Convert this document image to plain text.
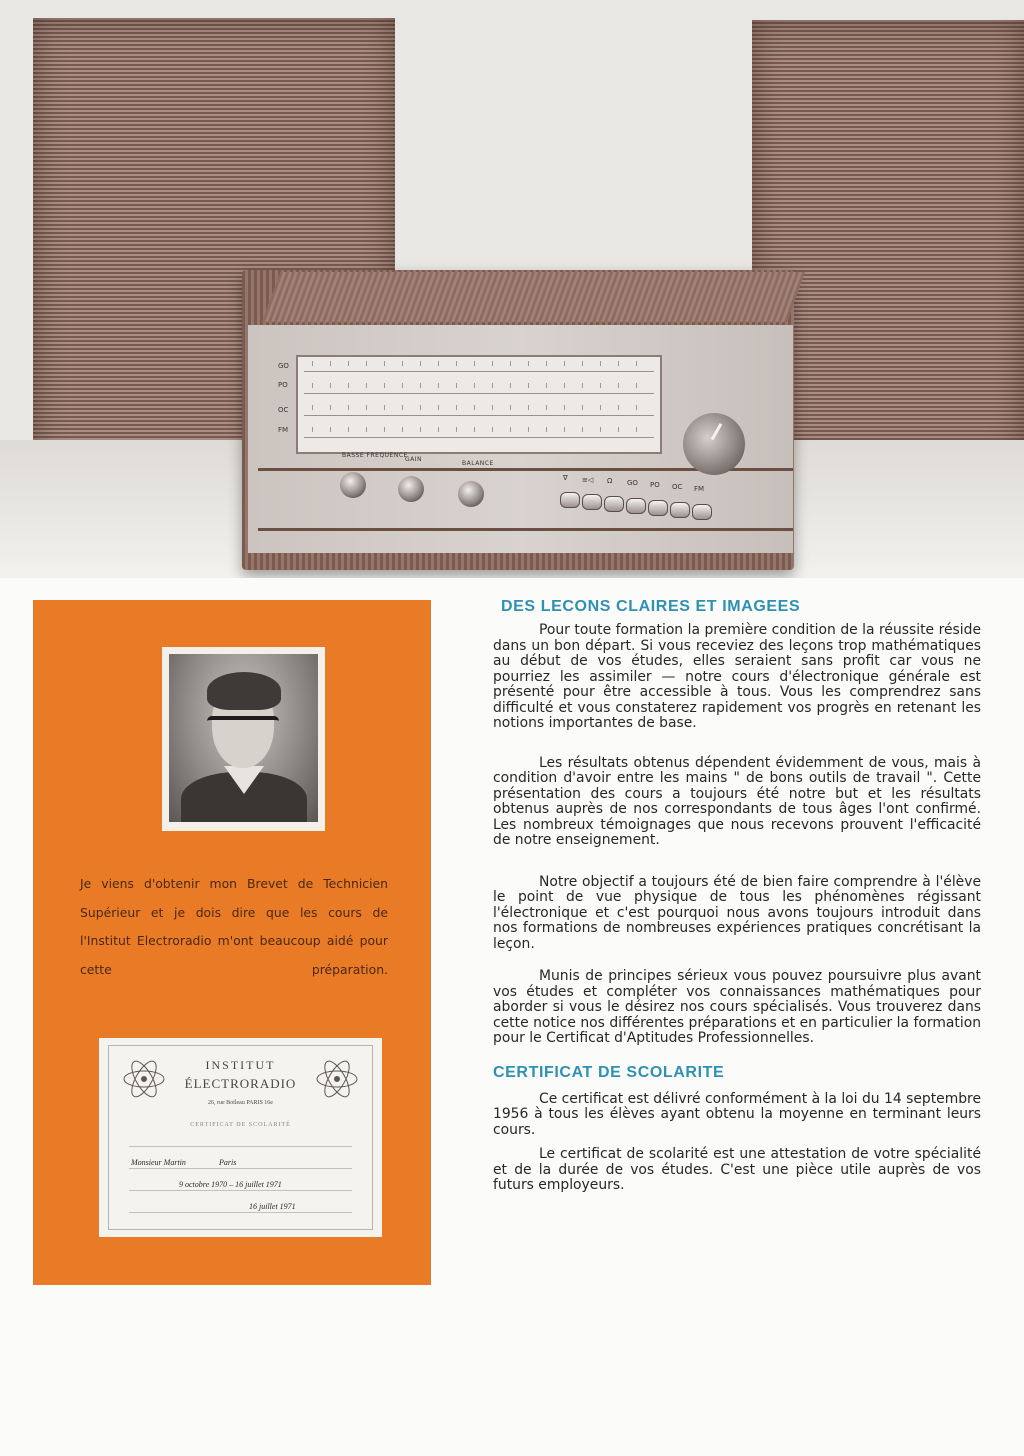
GO
PO
OC
FM
BASSE FREQUENCE
GAIN
BALANCE
∇ ≡◁ Ω GO PO OC FM

Je viens d'obtenir mon Brevet de Technicien Supérieur et je dois dire que les cours de l'Institut Electroradio m'ont beaucoup aidé pour cette préparation.

INSTITUT
ÉLECTRORADIO
26, rue Boileau PARIS 16e
CERTIFICAT DE SCOLARITÉ
Monsieur Martin	Paris
9 octobre 1970 – 16 juillet 1971
16 juillet 1971
DES LECONS CLAIRES ET IMAGEES

Pour toute formation la première condition de la réussite réside dans un bon départ. Si vous receviez des leçons trop mathématiques au début de vos études, elles seraient sans profit car vous ne pourriez les assimiler — notre cours d'électronique générale est présenté pour être accessible à tous. Vous les comprendrez sans difficulté et vous constaterez rapidement vos progrès en retenant les notions importantes de base.

Les résultats obtenus dépendent évidemment de vous, mais à condition d'avoir entre les mains " de bons outils de travail ". Cette présentation des cours a toujours été notre but et les résultats obtenus auprès de nos correspondants de tous âges l'ont confirmé. Les nombreux témoignages que nous recevons prouvent l'efficacité de notre enseignement.

Notre objectif a toujours été de bien faire comprendre à l'élève le point de vue physique de tous les phénomènes régissant l'électronique et c'est pourquoi nous avons toujours introduit dans nos formations de nombreuses expériences pratiques concrétisant la leçon.

Munis de principes sérieux vous pouvez poursuivre plus avant vos études et compléter vos connaissances mathématiques pour aborder si vous le désirez nos cours spécialisés. Vous trouverez dans cette notice nos différentes préparations et en particulier la formation pour le Certificat d'Aptitudes Professionnelles.

CERTIFICAT DE SCOLARITE

Ce certificat est délivré conformément à la loi du 14 septembre 1956 à tous les élèves ayant obtenu la moyenne en terminant leurs cours.

Le certificat de scolarité est une attestation de votre spécialité et de la durée de vos études. C'est une pièce utile auprès de vos futurs employeurs.
